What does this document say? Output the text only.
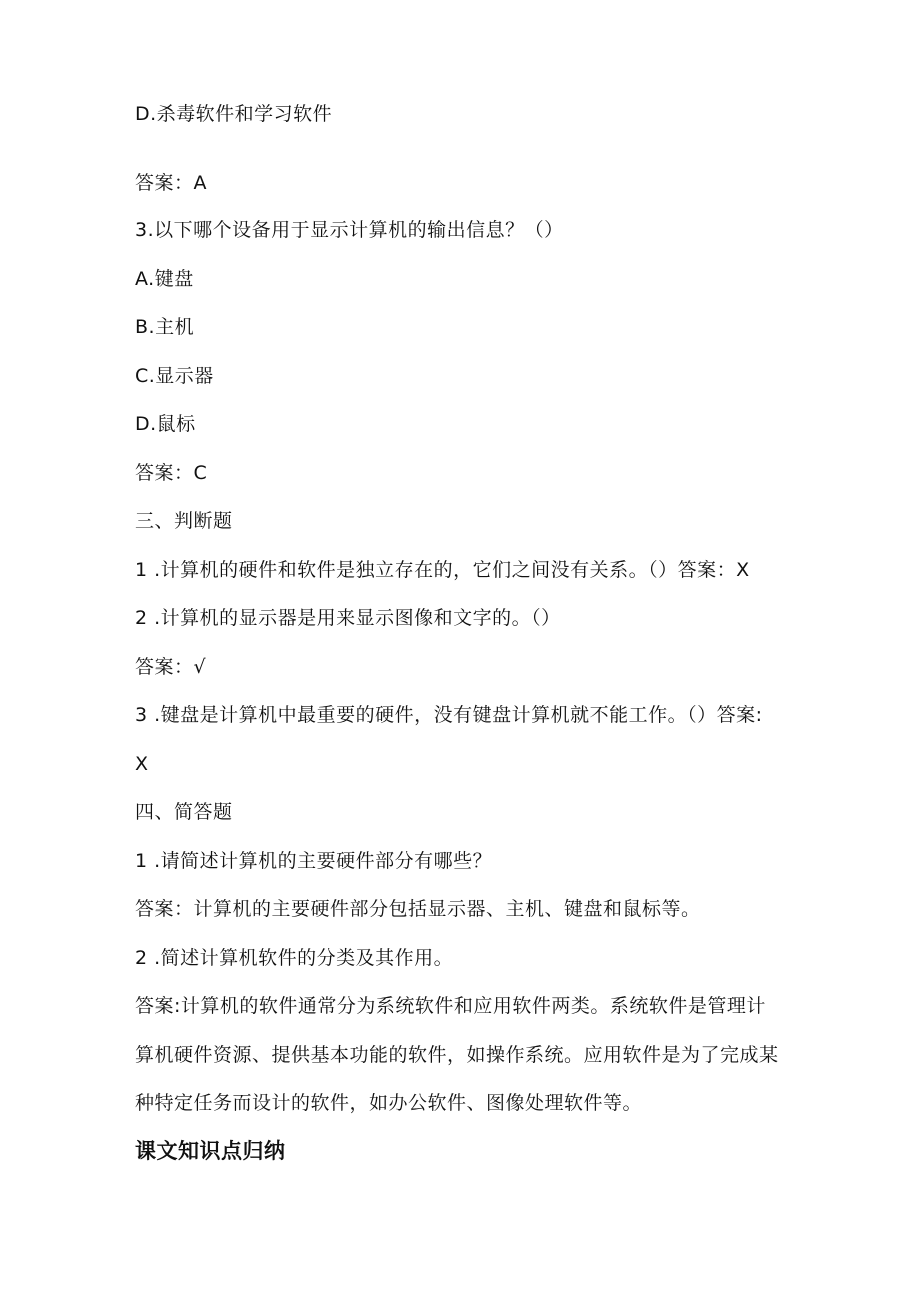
D.杀毒软件和学习软件
答案：A
3.以下哪个设备用于显示计算机的输出信息？（）
A.键盘
B.主机
C.显示器
D.鼠标
答案：C
三、判断题
1 .计算机的硬件和软件是独立存在的，它们之间没有关系。（）答案：X
2 .计算机的显示器是用来显示图像和文字的。（）
答案：√
3 .键盘是计算机中最重要的硬件，没有键盘计算机就不能工作。（）答案:
X
四、简答题
1 .请简述计算机的主要硬件部分有哪些？
答案：计算机的主要硬件部分包括显示器、主机、键盘和鼠标等。
2 .简述计算机软件的分类及其作用。
答案:计算机的软件通常分为系统软件和应用软件两类。系统软件是管理计
算机硬件资源、提供基本功能的软件，如操作系统。应用软件是为了完成某
种特定任务而设计的软件，如办公软件、图像处理软件等。
课文知识点归纳
